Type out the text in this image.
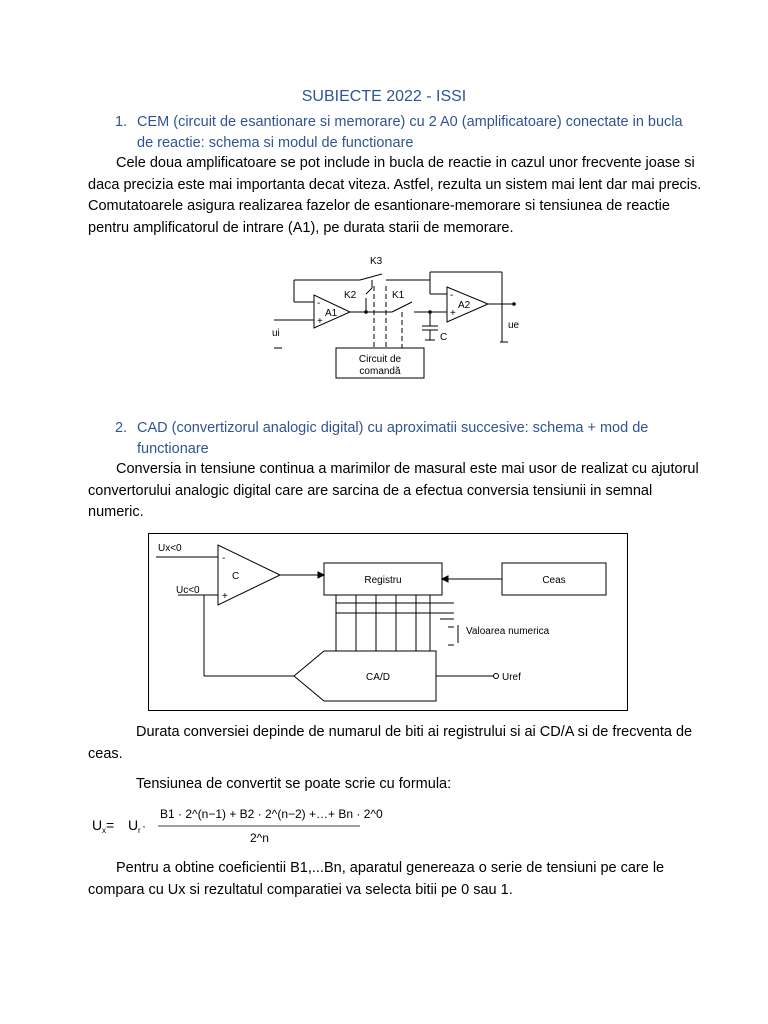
SUBIECTE 2022 - ISSI
1. CEM (circuit de esantionare si memorare) cu 2 A0 (amplificatoare) conectate in bucla de reactie: schema si modul de functionare
Cele doua amplificatoare se pot include in bucla de reactie in cazul unor frecvente joase si daca precizia este mai importanta decat viteza. Astfel, rezulta un sistem mai lent dar mai precis. Comutatoarele asigura realizarea fazelor de esantionare-memorare si tensiunea de reactie pentru amplificatorul de intrare (A1), pe durata starii de memorare.
K3
K2	K1
A1
A2
C
ui
ue
-
+
-
+
Circuit de
comandă
2. CAD (convertizorul analogic digital) cu aproximatii succesive: schema + mod de functionare
Conversia in tensiune continua a marimilor de masural este mai usor de realizat cu ajutorul convertorului analogic digital care are sarcina de a efectua conversia tensiunii in semnal numeric.
Ux<0
Uc<0
C
-
+
Registru	Ceas
Valoarea numerica
CA/D	Uref
Durata conversiei depinde de numarul de biti ai registrului si ai CD/A si de frecventa de ceas.
Tensiunea de convertit se poate scrie cu formula:
U x = U r ·
B1 · 2^(n−1) + B2 · 2^(n−2) +…+ Bn · 2^0
2^n
Pentru a obtine coeficientii B1,...Bn, aparatul genereaza o serie de tensiuni pe care le compara cu Ux si rezultatul comparatiei va selecta bitii pe 0 sau 1.
